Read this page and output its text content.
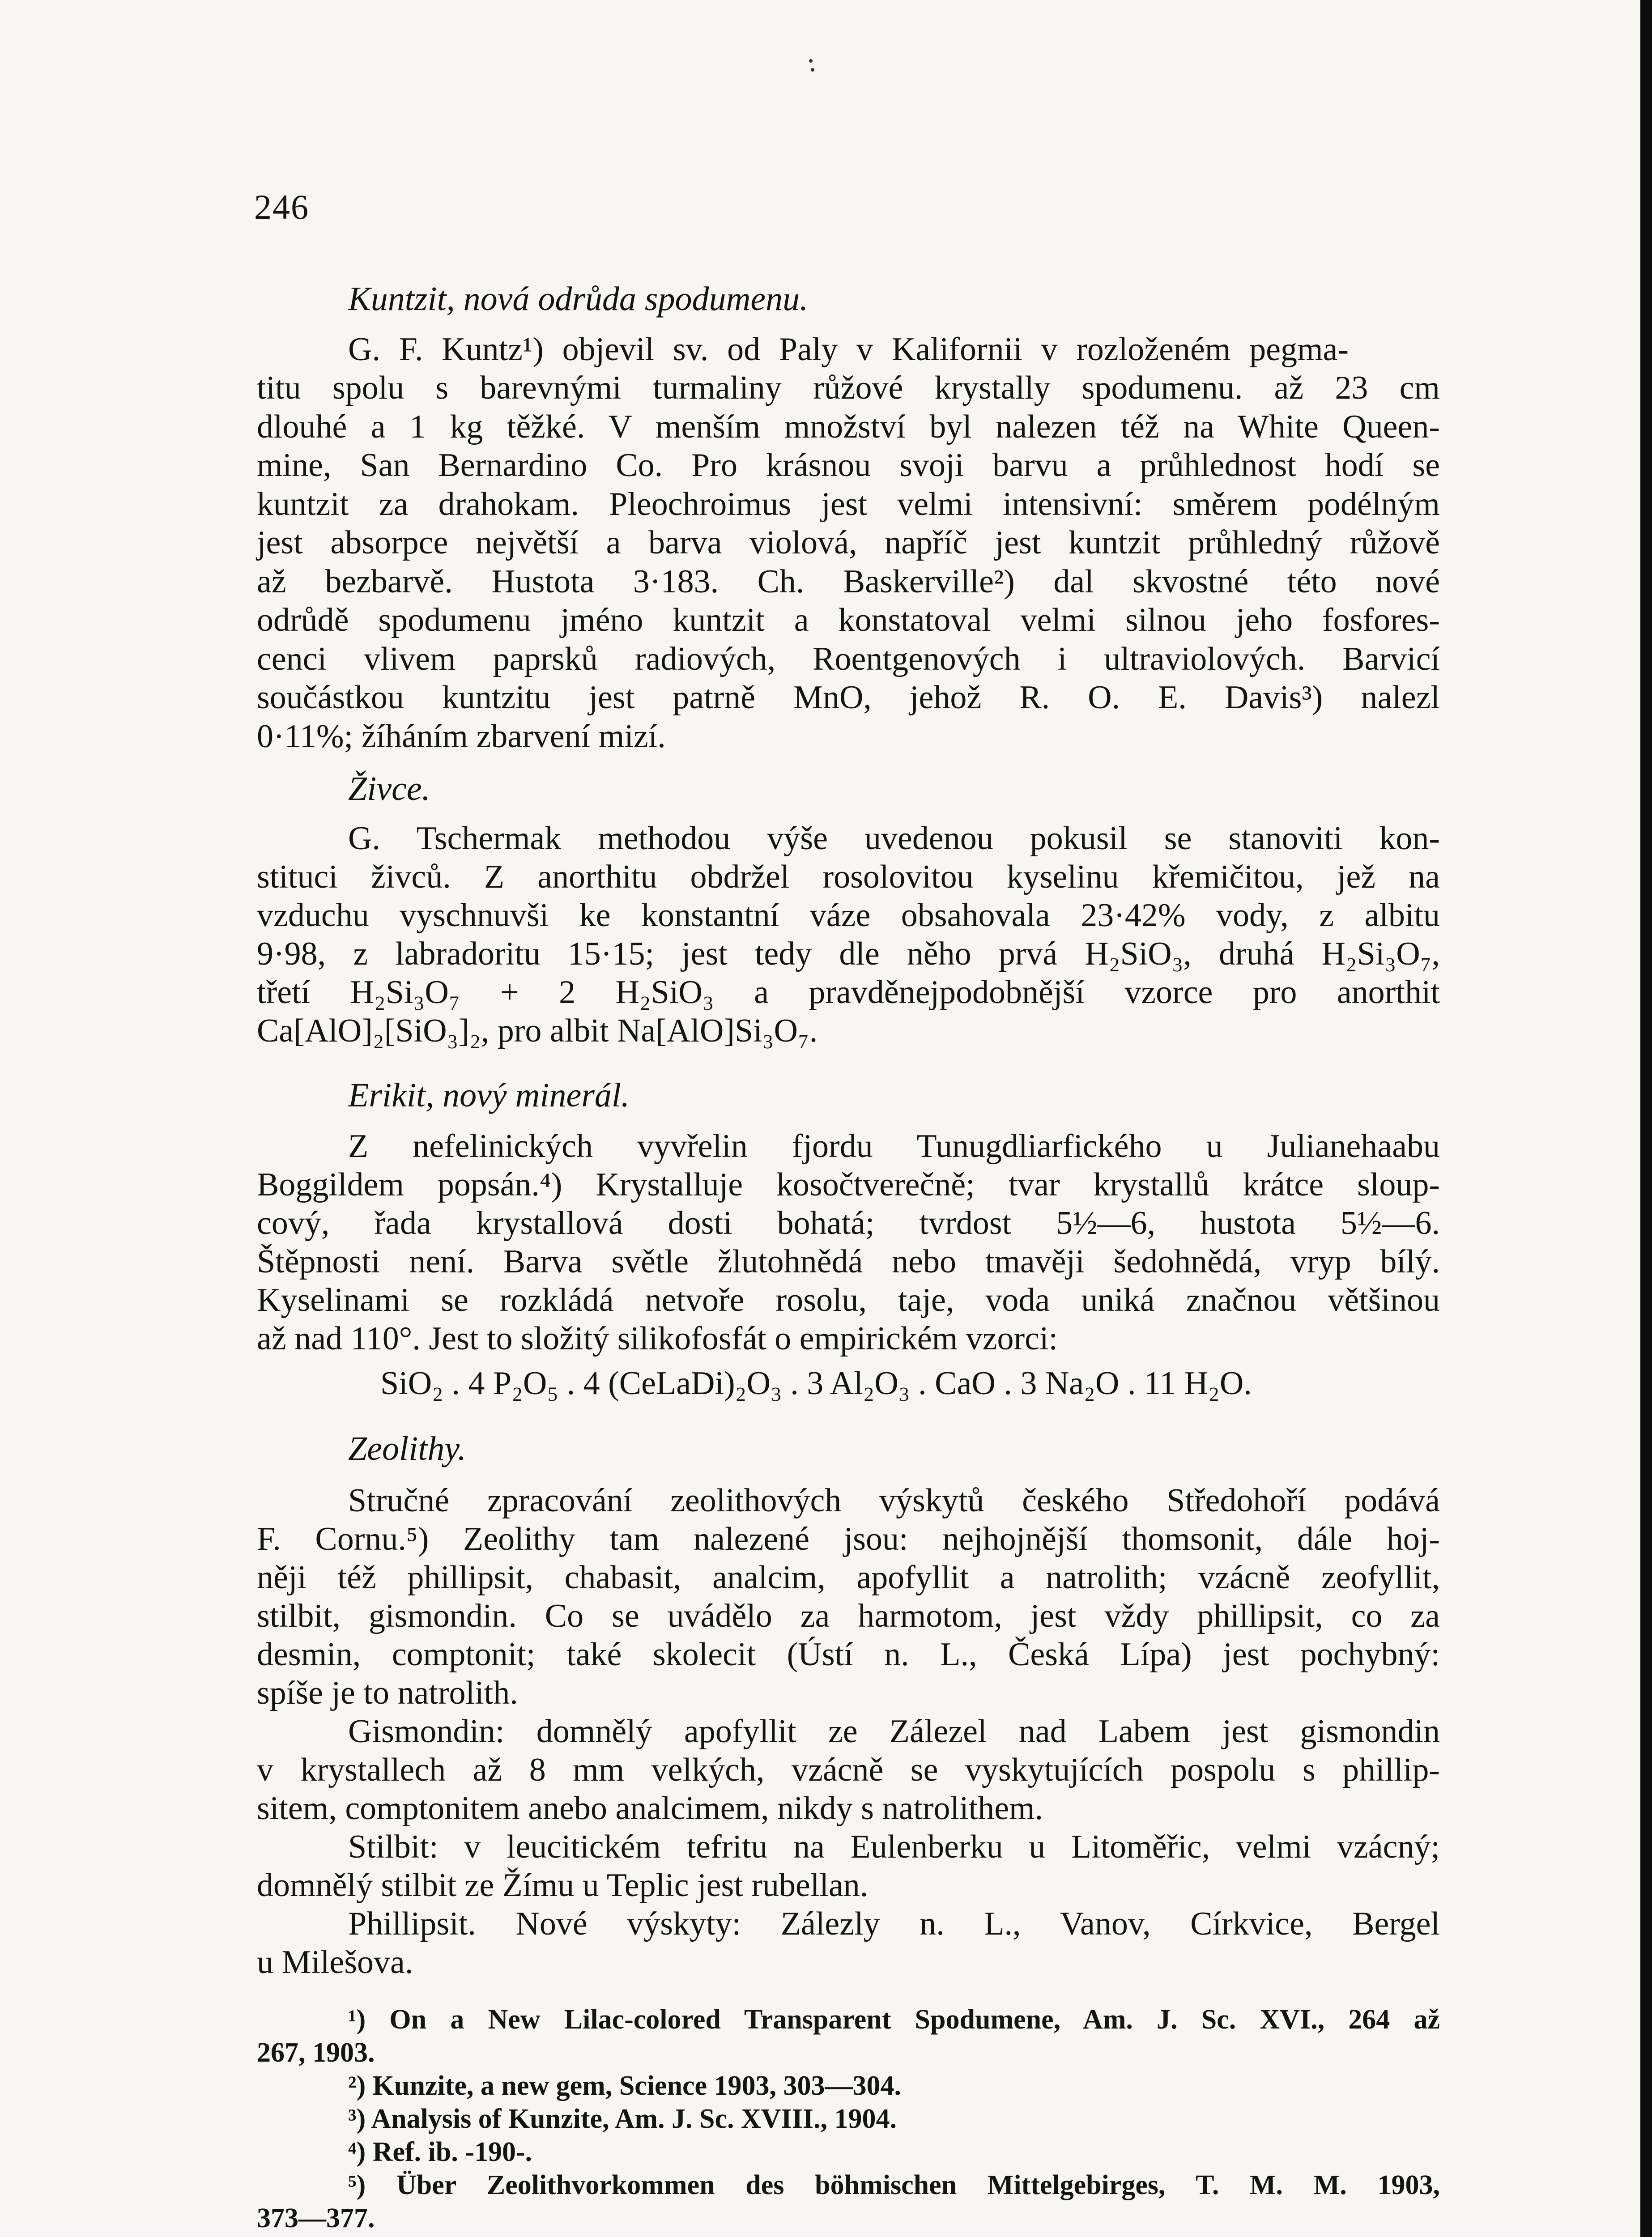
246
Kuntzit, nová odrůda spodumenu.
G. F. Kuntz¹) objevil sv. od Paly v Kalifornii v rozloženém pegma-
titu spolu s barevnými turmaliny růžové krystally spodumenu. až 23 cm
dlouhé a 1 kg těžké. V menším množství byl nalezen též na White Queen-
mine, San Bernardino Co. Pro krásnou svoji barvu a průhlednost hodí se
kuntzit za drahokam. Pleochroimus jest velmi intensivní: směrem podélným
jest absorpce největší a barva violová, napříč jest kuntzit průhledný růžově
až bezbarvě. Hustota 3·183. Ch. Baskerville²) dal skvostné této nové
odrůdě spodumenu jméno kuntzit a konstatoval velmi silnou jeho fosfores-
cenci vlivem paprsků radiových, Roentgenových i ultraviolových. Barvicí
součástkou kuntzitu jest patrně MnO, jehož R. O. E. Davis³) nalezl
0·11%; žíháním zbarvení mizí.
Živce.
G. Tschermak methodou výše uvedenou pokusil se stanoviti kon-
stituci živců. Z anorthitu obdržel rosolovitou kyselinu křemičitou, jež na
vzduchu vyschnuvši ke konstantní váze obsahovala 23·42% vody, z albitu
9·98, z labradoritu 15·15; jest tedy dle něho prvá H₂SiO₃, druhá H₂Si₃O₇,
třetí H₂Si₃O₇ + 2 H₂SiO₃ a pravděnejpodobnější vzorce pro anorthit
Ca[AlO]₂[SiO₃]₂, pro albit Na[AlO]Si₃O₇.
Erikit, nový minerál.
Z nefelinických vyvřelin fjordu Tunugdliarfického u Julianehaabu
Boggildem popsán.⁴) Krystalluje kosočtverečně; tvar krystallů krátce sloup-
cový, řada krystallová dosti bohatá; tvrdost 5½—6, hustota 5½—6.
Štěpnosti není. Barva světle žlutohnědá nebo tmavěji šedohnědá, vryp bílý.
Kyselinami se rozkládá netvoře rosolu, taje, voda uniká značnou většinou
až nad 110°. Jest to složitý silikofosfát o empirickém vzorci:
SiO₂ . 4 P₂O₅ . 4 (CeLaDi)₂O₃ . 3 Al₂O₃ . CaO . 3 Na₂O . 11 H₂O.
Zeolithy.
Stručné zpracování zeolithových výskytů českého Středohoří podává
F. Cornu.⁵) Zeolithy tam nalezené jsou: nejhojnější thomsonit, dále hoj-
něji též phillipsit, chabasit, analcim, apofyllit a natrolith; vzácně zeofyllit,
stilbit, gismondin. Co se uvádělo za harmotom, jest vždy phillipsit, co za
desmin, comptonit; také skolecit (Ústí n. L., Česká Lípa) jest pochybný:
spíše je to natrolith.
Gismondin: domnělý apofyllit ze Zálezel nad Labem jest gismondin
v krystallech až 8 mm velkých, vzácně se vyskytujících pospolu s phillip-
sitem, comptonitem anebo analcimem, nikdy s natrolithem.
Stilbit: v leucitickém tefritu na Eulenberku u Litoměřic, velmi vzácný;
domnělý stilbit ze Žímu u Teplic jest rubellan.
Phillipsit. Nové výskyty: Zálezly n. L., Vanov, Církvice, Bergel
u Milešova.
¹) On a New Lilac-colored Transparent Spodumene, Am. J. Sc. XVI., 264 až
267, 1903.
²) Kunzite, a new gem, Science 1903, 303—304.
³) Analysis of Kunzite, Am. J. Sc. XVIII., 1904.
⁴) Ref. ib. -190-.
⁵) Über Zeolithvorkommen des böhmischen Mittelgebirges, T. M. M. 1903,
373—377.
